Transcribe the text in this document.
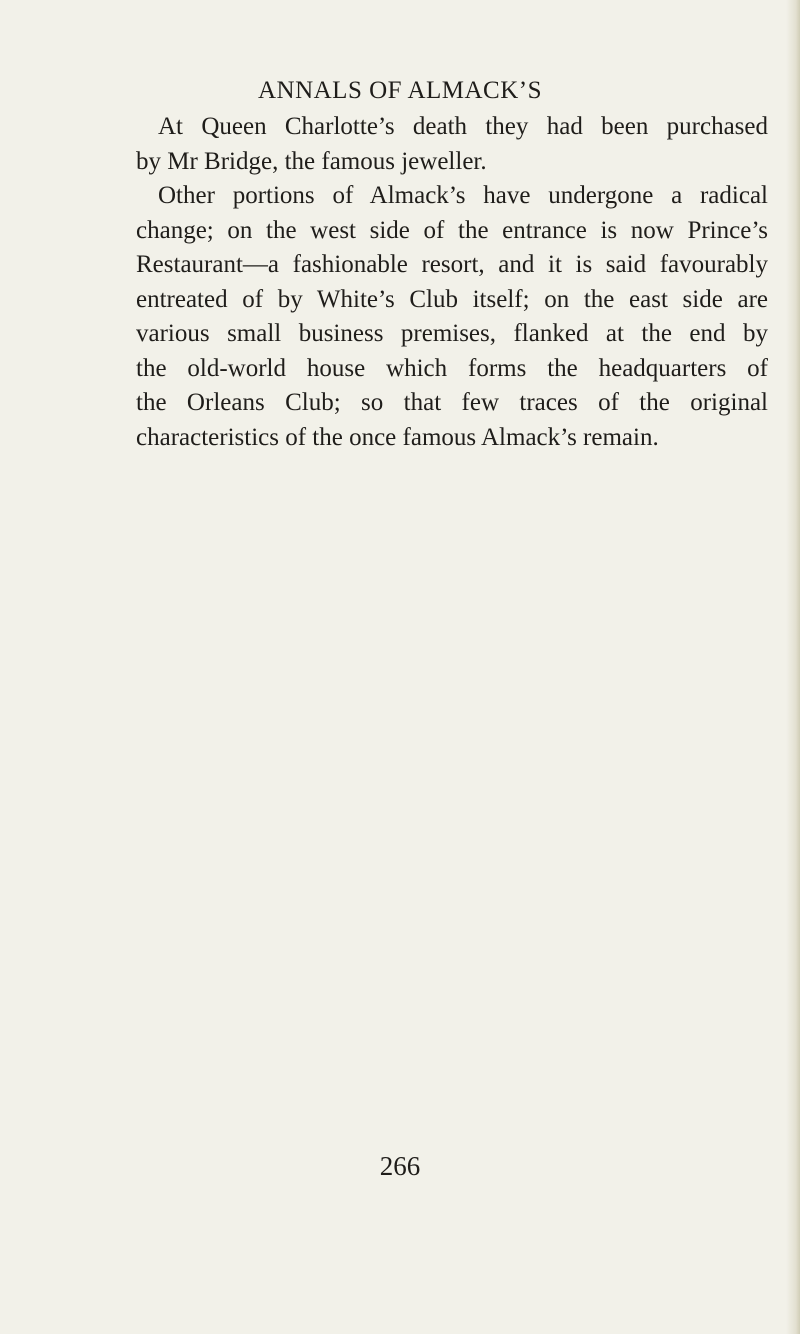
ANNALS OF ALMACK’S
At Queen Charlotte’s death they had been purchased
by Mr Bridge, the famous jeweller.
Other portions of Almack’s have undergone a radical
change; on the west side of the entrance is now Prince’s
Restaurant—a fashionable resort, and it is said favourably
entreated of by White’s Club itself; on the east side are
various small business premises, flanked at the end by
the old-world house which forms the headquarters of
the Orleans Club; so that few traces of the original
characteristics of the once famous Almack’s remain.
266
